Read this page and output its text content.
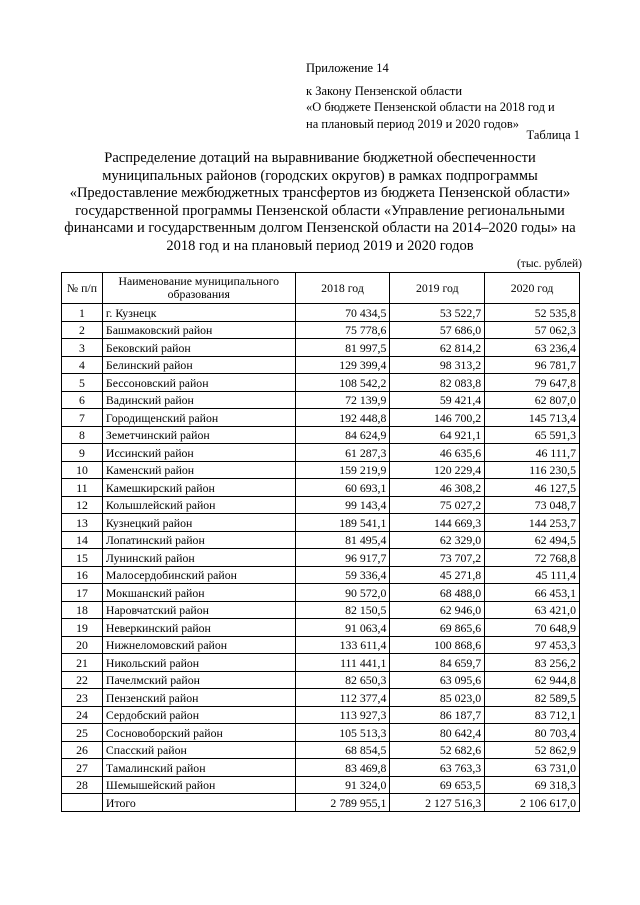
Приложение 14
к Закону Пензенской области
«О бюджете Пензенской области на 2018 год и
на плановый период 2019 и 2020 годов»
Таблица 1
Распределение дотаций на выравнивание бюджетной обеспеченности муниципальных районов (городских округов) в рамках подпрограммы «Предоставление межбюджетных трансфертов из бюджета Пензенской области» государственной программы Пензенской области «Управление региональными финансами и государственным долгом Пензенской области на 2014–2020 годы» на 2018 год и на плановый период 2019 и 2020 годов
(тыс. рублей)
№ п/п	Наименование муниципального образования	2018 год	2019 год	2020 год
1	г. Кузнецк	70 434,5	53 522,7	52 535,8
2	Башмаковский район	75 778,6	57 686,0	57 062,3
3	Бековский район	81 997,5	62 814,2	63 236,4
4	Белинский район	129 399,4	98 313,2	96 781,7
5	Бессоновский район	108 542,2	82 083,8	79 647,8
6	Вадинский район	72 139,9	59 421,4	62 807,0
7	Городищенский район	192 448,8	146 700,2	145 713,4
8	Земетчинский район	84 624,9	64 921,1	65 591,3
9	Иссинский район	61 287,3	46 635,6	46 111,7
10	Каменский район	159 219,9	120 229,4	116 230,5
11	Камешкирский район	60 693,1	46 308,2	46 127,5
12	Колышлейский район	99 143,4	75 027,2	73 048,7
13	Кузнецкий район	189 541,1	144 669,3	144 253,7
14	Лопатинский район	81 495,4	62 329,0	62 494,5
15	Лунинский район	96 917,7	73 707,2	72 768,8
16	Малосердобинский район	59 336,4	45 271,8	45 111,4
17	Мокшанский район	90 572,0	68 488,0	66 453,1
18	Наровчатский район	82 150,5	62 946,0	63 421,0
19	Неверкинский район	91 063,4	69 865,6	70 648,9
20	Нижнеломовский район	133 611,4	100 868,6	97 453,3
21	Никольский район	111 441,1	84 659,7	83 256,2
22	Пачелмский район	82 650,3	63 095,6	62 944,8
23	Пензенский район	112 377,4	85 023,0	82 589,5
24	Сердобский район	113 927,3	86 187,7	83 712,1
25	Сосновоборский район	105 513,3	80 642,4	80 703,4
26	Спасский район	68 854,5	52 682,6	52 862,9
27	Тамалинский район	83 469,8	63 763,3	63 731,0
28	Шемышейский район	91 324,0	69 653,5	69 318,3
	Итого	2 789 955,1	2 127 516,3	2 106 617,0
